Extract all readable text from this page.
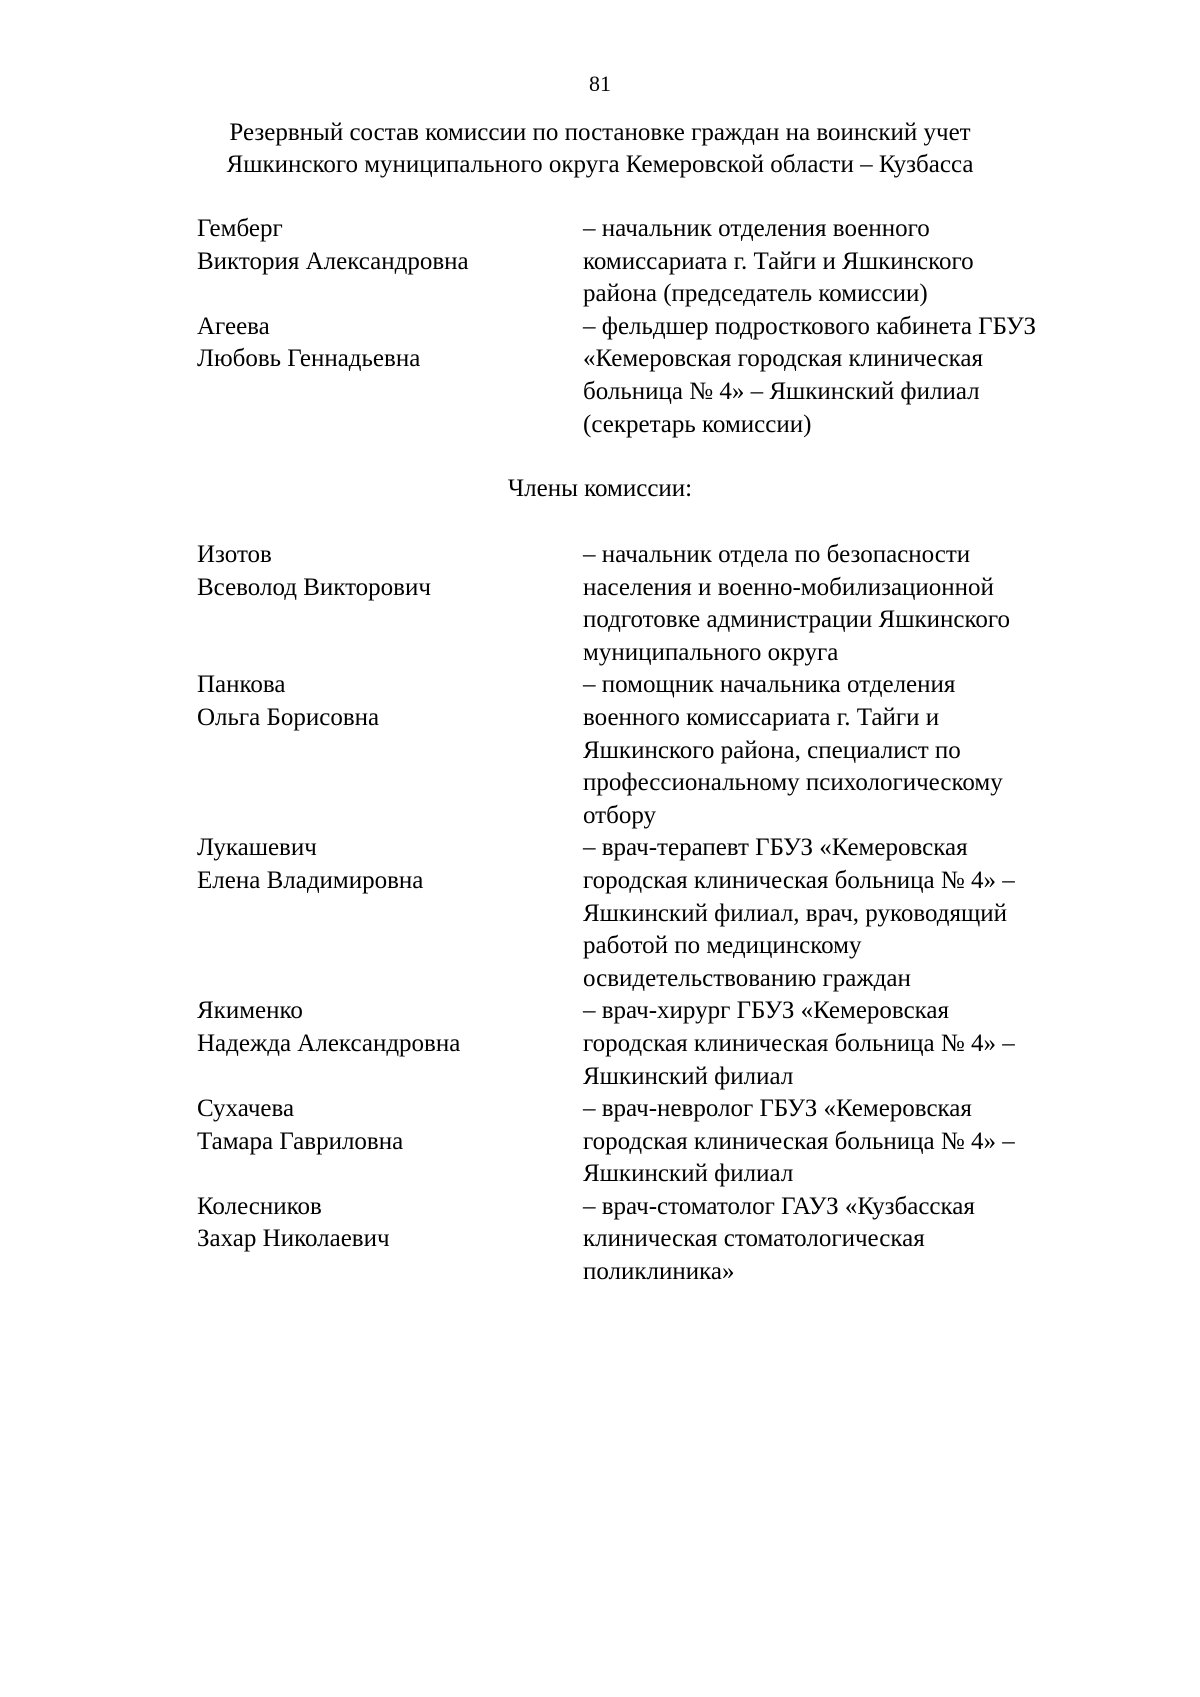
81
Резервный состав комиссии по постановке граждан на воинский учет
Яшкинского муниципального округа Кемеровской области – Кузбасса
Гемберг
Виктория Александровна
– начальник отделения военного
комиссариата г. Тайги и Яшкинского
района (председатель комиссии)
Агеева
Любовь Геннадьевна
– фельдшер подросткового кабинета ГБУЗ
«Кемеровская городская клиническая
больница № 4» – Яшкинский филиал
(секретарь комиссии)
Члены комиссии:
Изотов
Всеволод Викторович
– начальник отдела по безопасности
населения и военно-мобилизационной
подготовке администрации Яшкинского
муниципального округа
Панкова
Ольга Борисовна
– помощник начальника отделения
военного комиссариата г. Тайги и
Яшкинского района, специалист по
профессиональному психологическому
отбору
Лукашевич
Елена Владимировна
– врач-терапевт ГБУЗ «Кемеровская
городская клиническая больница № 4» –
Яшкинский филиал, врач, руководящий
работой по медицинскому
освидетельствованию граждан
Якименко
Надежда Александровна
– врач-хирург ГБУЗ «Кемеровская
городская клиническая больница № 4» –
Яшкинский филиал
Сухачева
Тамара Гавриловна
– врач-невролог ГБУЗ «Кемеровская
городская клиническая больница № 4» –
Яшкинский филиал
Колесников
Захар Николаевич
– врач-стоматолог ГАУЗ «Кузбасская
клиническая стоматологическая
поликлиника»
